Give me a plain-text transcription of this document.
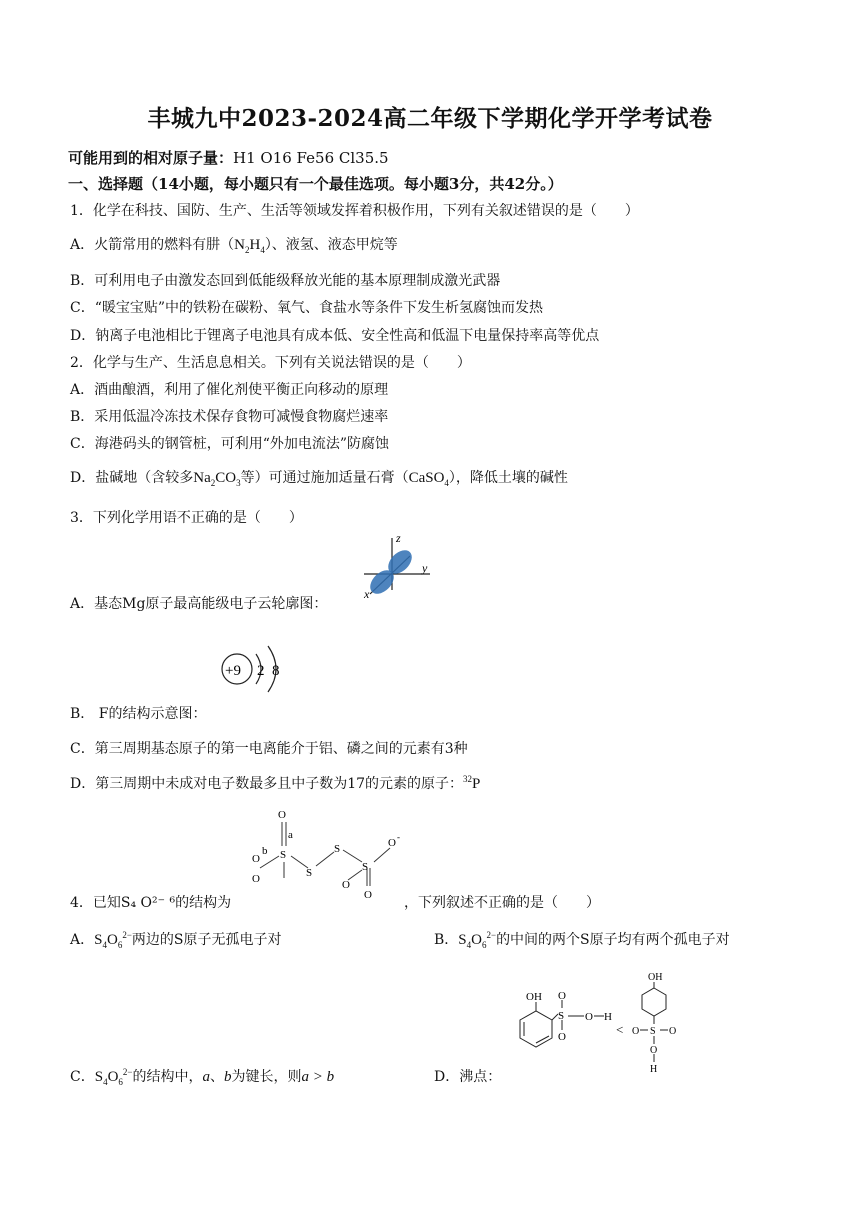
丰城九中2023-2024高二年级下学期化学开学考试卷
可能用到的相对原子量：H1 O16 Fe56 Cl35.5
一、选择题（14小题，每小题只有一个最佳选项。每小题3分，共42分。）
1．化学在科技、国防、生产、生活等领域发挥着积极作用，下列有关叙述错误的是（　　）
A．火箭常用的燃料有肼$(N_2H_4)$、液氢、液态甲烷等
B．可利用电子由激发态回到低能级释放光能的基本原理制成激光武器
C．“暖宝宝贴”中的铁粉在碳粉、氧气、食盐水等条件下发生析氢腐蚀而发热
D．钠离子电池相比于锂离子电池具有成本低、安全性高和低温下电量保持率高等优点
2．化学与生产、生活息息相关。下列有关说法错误的是（　　）
A．酒曲酿酒，利用了催化剂使平衡正向移动的原理
B．采用低温冷冻技术保存食物可减慢食物腐烂速率
C．海港码头的钢管桩，可利用“外加电流法”防腐蚀
D．盐碱地（含较多$Na_2CO_3$等）可通过施加适量石膏（CaSO$_4$），降低土壤的碱性
3．下列化学用语不正确的是（　　）
z
y
x
A．基态Mg原子最高能级电子云轮廓图：
+9 2 8
B． F的结构示意图：
C．第三周期基态原子的第一电离能介于铝、磷之间的元素有3种
D．第三周期中未成对电子数最多且中子数为17的元素的原子：$^{32}$P
O
O
O
O
O
O
S
S
S
S
a
b
-
4．已知S₄ O²⁻ ⁶的结构为	，下列叙述不正确的是（　　）
A．$S_4O_6^{2-}$两边的S原子无孤电子对	B．$S_4O_6^{2-}$的中间的两个S原子均有两个孤电子对
OH
S
O
O
O H
<
OH
O S O
O
H
C．$S_4O_6^{2-}$的结构中，a、b为键长，则a > b	D．沸点：
